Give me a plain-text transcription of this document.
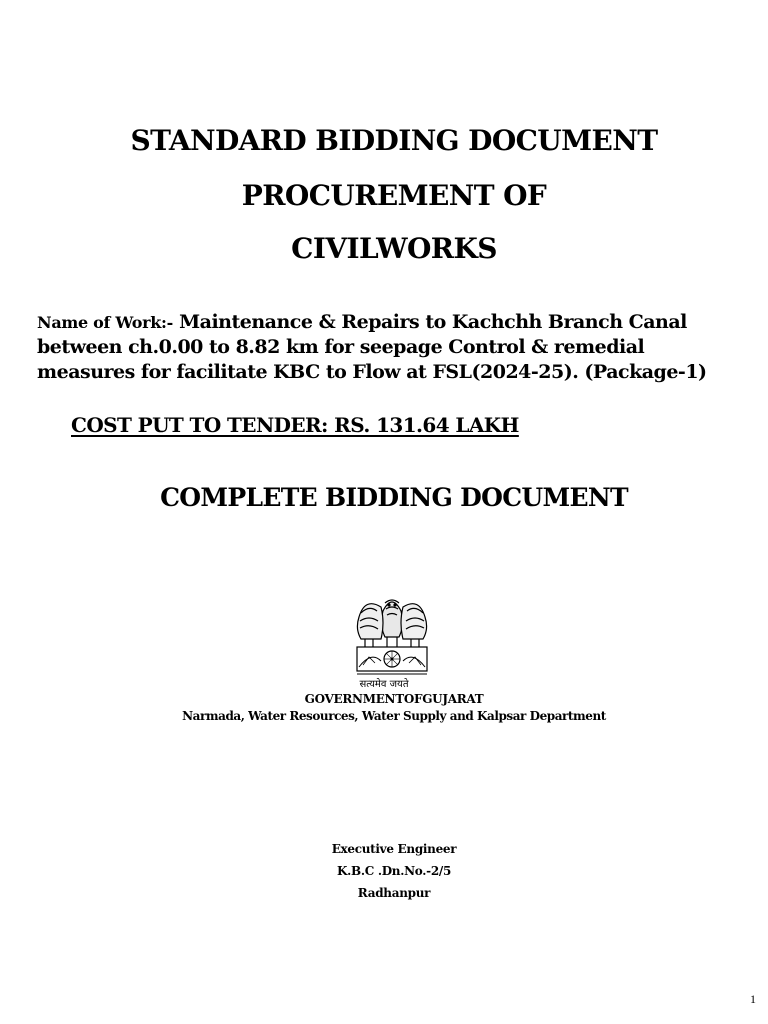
STANDARD BIDDING DOCUMENT
PROCUREMENT OF
CIVILWORKS
Name of Work:- Maintenance & Repairs to Kachchh Branch Canal
between ch.0.00 to 8.82 km for seepage Control & remedial
measures for facilitate KBC to Flow at FSL(2024-25). (Package-1)
COST PUT TO TENDER: RS. 131.64 LAKH
COMPLETE BIDDING DOCUMENT
सत्यमेव जयते
GOVERNMENTOFGUJARAT
Narmada, Water Resources, Water Supply and Kalpsar Department
Executive Engineer
K.B.C .Dn.No.-2/5
Radhanpur
1
